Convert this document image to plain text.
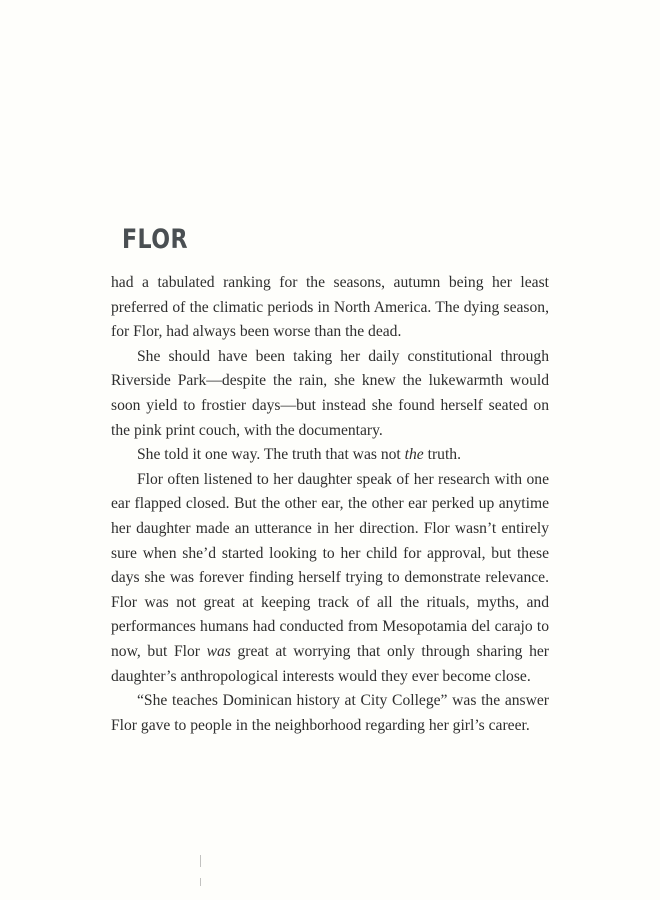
FLOR

had a tabulated ranking for the seasons, autumn being her least preferred of the climatic periods in North America. The dying season, for Flor, had always been worse than the dead.

She should have been taking her daily constitutional through Riverside Park—despite the rain, she knew the lukewarmth would soon yield to frostier days—but instead she found herself seated on the pink print couch, with the documentary.

She told it one way. The truth that was not the truth.

Flor often listened to her daughter speak of her research with one ear flapped closed. But the other ear, the other ear perked up anytime her daughter made an utterance in her direction. Flor wasn’t entirely sure when she’d started looking to her child for approval, but these days she was forever finding herself trying to demonstrate relevance. Flor was not great at keeping track of all the rituals, myths, and performances humans had conducted from Mesopotamia del carajo to now, but Flor was great at worrying that only through sharing her daughter’s anthropological interests would they ever become close.

“She teaches Dominican history at City College” was the answer Flor gave to people in the neighborhood regarding her girl’s career.
